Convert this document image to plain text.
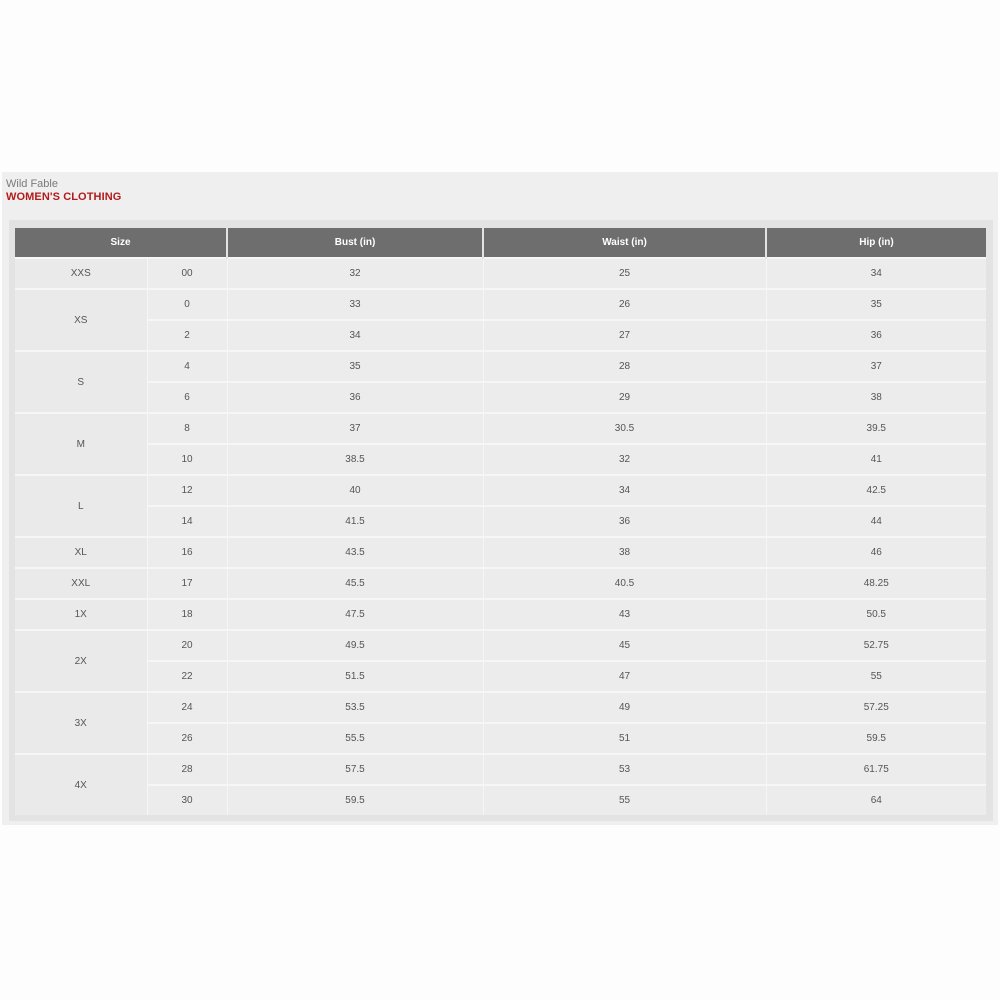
Wild Fable
WOMEN'S CLOTHING
Size		Bust (in)	Waist (in)	Hip (in)
XXS	00	32	25	34
XS	0	33	26	35
	2	34	27	36
S	4	35	28	37
	6	36	29	38
M	8	37	30.5	39.5
	10	38.5	32	41
L	12	40	34	42.5
	14	41.5	36	44
XL	16	43.5	38	46
XXL	17	45.5	40.5	48.25
1X	18	47.5	43	50.5
2X	20	49.5	45	52.75
	22	51.5	47	55
3X	24	53.5	49	57.25
	26	55.5	51	59.5
4X	28	57.5	53	61.75
	30	59.5	55	64
